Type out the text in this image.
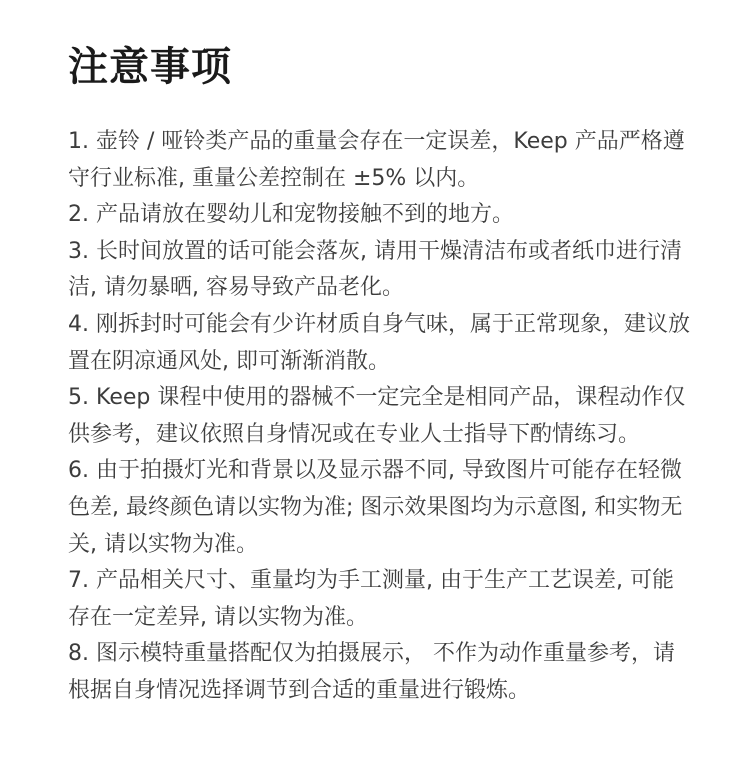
注意事项
1. 壶铃 / 哑铃类产品的重量会存在一定误差，Keep 产品严格遵守行业标准, 重量公差控制在 ±5% 以内。
2. 产品请放在婴幼儿和宠物接触不到的地方。
3. 长时间放置的话可能会落灰, 请用干燥清洁布或者纸巾进行清洁, 请勿暴晒, 容易导致产品老化。
4. 刚拆封时可能会有少许材质自身气味，属于正常现象，建议放置在阴凉通风处, 即可渐渐消散。
5. Keep 课程中使用的器械不一定完全是相同产品，课程动作仅供参考，建议依照自身情况或在专业人士指导下酌情练习。
6. 由于拍摄灯光和背景以及显示器不同, 导致图片可能存在轻微色差, 最终颜色请以实物为准; 图示效果图均为示意图, 和实物无关, 请以实物为准。
7. 产品相关尺寸、重量均为手工测量, 由于生产工艺误差, 可能存在一定差异, 请以实物为准。
8. 图示模特重量搭配仅为拍摄展示， 不作为动作重量参考，请根据自身情况选择调节到合适的重量进行锻炼。
